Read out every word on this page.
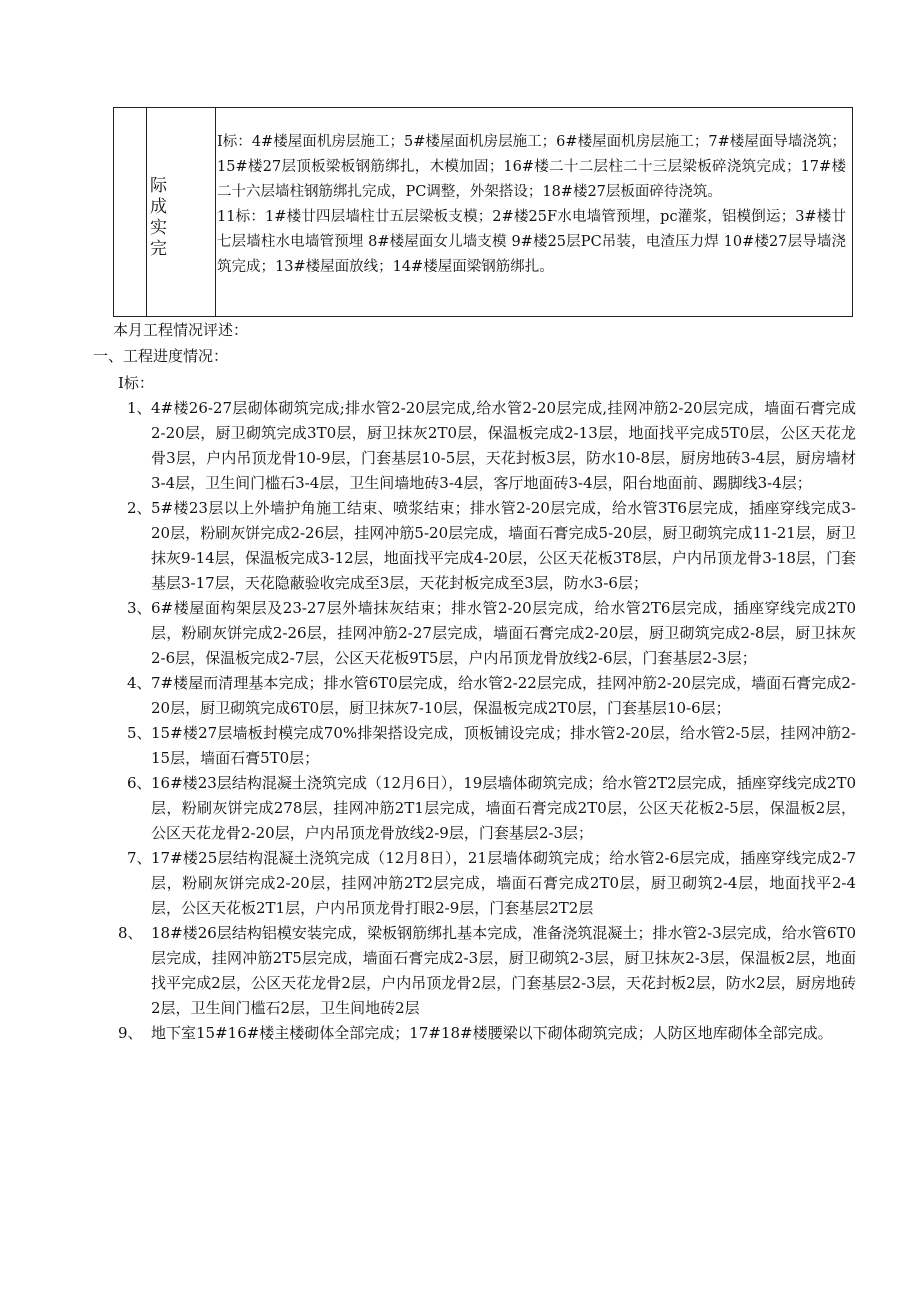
际成实完

I标：4#楼屋面机房层施工；5#楼屋面机房层施工；6#楼屋面机房层施工；7#楼屋面导墙浇筑；15#楼27层顶板梁板钢筋绑扎，木模加固；16#楼二十二层柱二十三层梁板碎浇筑完成；17#楼二十六层墙柱钢筋绑扎完成，PC调整，外架搭设；18#楼27层板面碎待浇筑。

11标：1#楼廿四层墙柱廿五层梁板支模；2#楼25F水电墙管预埋，pc灌浆，铝模倒运；3#楼廿七层墙柱水电墙管预埋 8#楼屋面女儿墙支模 9#楼25层PC吊装，电渣压力焊 10#楼27层导墙浇筑完成；13#楼屋面放线；14#楼屋面梁钢筋绑扎。

本月工程情况评述：
一、工程进度情况：
I标：
1、 4#楼26-27层砌体砌筑完成;排水管2-20层完成,给水管2-20层完成,挂网冲筋2-20层完成，墙面石膏完成2-20层，厨卫砌筑完成3T0层，厨卫抹灰2T0层，保温板完成2-13层，地面找平完成5T0层，公区天花龙骨3层，户内吊顶龙骨10-9层，门套基层10-5层，天花封板3层，防水10-8层，厨房地砖3-4层，厨房墙材3-4层，卫生间门槛石3-4层，卫生间墙地砖3-4层，客厅地面砖3-4层，阳台地面前、踢脚线3-4层；
2、 5#楼23层以上外墙护角施工结束、喷浆结束；排水管2-20层完成，给水管3T6层完成，插座穿线完成3-20层，粉刷灰饼完成2-26层，挂网冲筋5-20层完成，墙面石膏完成5-20层，厨卫砌筑完成11-21层，厨卫抹灰9-14层，保温板完成3-12层，地面找平完成4-20层，公区天花板3T8层，户内吊顶龙骨3-18层，门套基层3-17层，天花隐蔽验收完成至3层，天花封板完成至3层，防水3-6层；
3、 6#楼屋面构架层及23-27层外墙抹灰结束；排水管2-20层完成，给水管2T6层完成，插座穿线完成2T0层，粉刷灰饼完成2-26层，挂网冲筋2-27层完成，墙面石膏完成2-20层，厨卫砌筑完成2-8层，厨卫抹灰2-6层，保温板完成2-7层，公区天花板9T5层，户内吊顶龙骨放线2-6层，门套基层2-3层；
4、 7#楼屋而清理基本完成；排水管6T0层完成，给水管2-22层完成，挂网冲筋2-20层完成，墙面石膏完成2-20层，厨卫砌筑完成6T0层，厨卫抹灰7-10层，保温板完成2T0层，门套基层10-6层；
5、 15#楼27层墙板封模完成70%排架搭设完成，顶板铺设完成；排水管2-20层，给水管2-5层，挂网冲筋2-15层，墙面石膏5T0层；
6、 16#楼23层结构混凝土浇筑完成（12月6日），19层墙体砌筑完成；给水管2T2层完成，插座穿线完成2T0层，粉刷灰饼完成278层，挂网冲筋2T1层完成，墙面石膏完成2T0层，公区天花板2-5层，保温板2层，公区天花龙骨2-20层，户内吊顶龙骨放线2-9层，门套基层2-3层；
7、 17#楼25层结构混凝土浇筑完成（12月8日），21层墙体砌筑完成；给水管2-6层完成，插座穿线完成2-7层，粉刷灰饼完成2-20层，挂网冲筋2T2层完成，墙面石膏完成2T0层，厨卫砌筑2-4层，地面找平2-4层，公区天花板2T1层，户内吊顶龙骨打眼2-9层，门套基层2T2层
8、 18#楼26层结构铝模安装完成，梁板钢筋绑扎基本完成，准备浇筑混凝土；排水管2-3层完成，给水管6T0层完成，挂网冲筋2T5层完成，墙面石膏完成2-3层，厨卫砌筑2-3层，厨卫抹灰2-3层，保温板2层，地面找平完成2层，公区天花龙骨2层，户内吊顶龙骨2层，门套基层2-3层，天花封板2层，防水2层，厨房地砖2层，卫生间门槛石2层，卫生间地砖2层
9、 地下室15#16#楼主楼砌体全部完成；17#18#楼腰梁以下砌体砌筑完成；人防区地库砌体全部完成。
